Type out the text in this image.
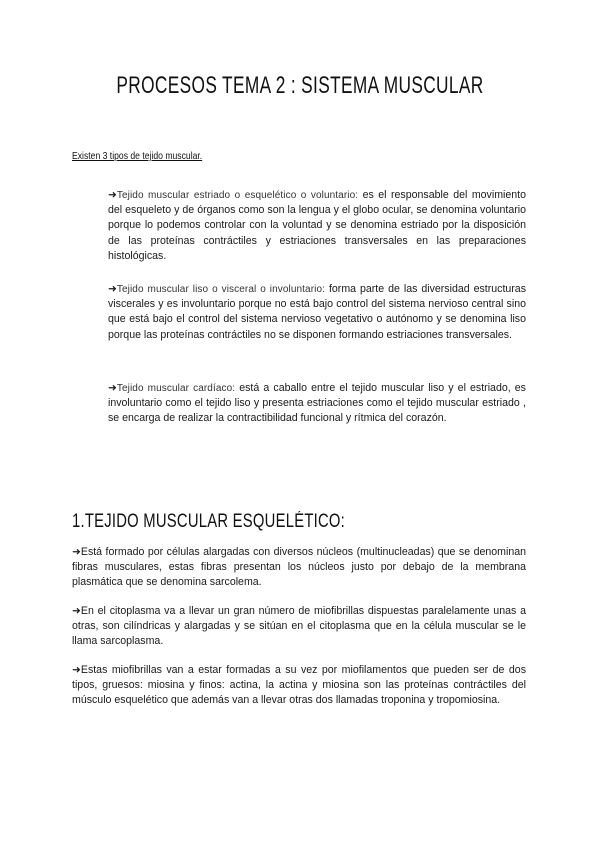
PROCESOS TEMA 2 : SISTEMA MUSCULAR
Existen 3 tipos de tejido muscular.

➜Tejido muscular estriado o esquelético o voluntario: es el responsable del movimiento del esqueleto y de órganos como son la lengua y el globo ocular, se denomina voluntario porque lo podemos controlar con la voluntad y se denomina estriado por la disposición de las proteínas contráctiles y estriaciones transversales en las preparaciones histológicas.

➜Tejido muscular liso o visceral o involuntario: forma parte de las diversidad estructuras viscerales y es involuntario porque no está bajo control del sistema nervioso central sino que está bajo el control del sistema nervioso vegetativo o autónomo y se denomina liso porque las proteínas contráctiles no se disponen formando estriaciones transversales.

➜Tejido muscular cardíaco: está a caballo entre el tejido muscular liso y el estriado, es involuntario como el tejido liso y presenta estriaciones como el tejido muscular estriado , se encarga de realizar la contractibilidad funcional y rítmica del corazón.

1.TEJIDO MUSCULAR ESQUELÉTICO:

➜Está formado por células alargadas con diversos núcleos (multinucleadas) que se denominan fibras musculares, estas fibras presentan los núcleos justo por debajo de la membrana plasmática que se denomina sarcolema.

➜En el citoplasma va a llevar un gran número de miofibrillas dispuestas paralelamente unas a otras, son cilíndricas y alargadas y se sitúan en el citoplasma que en la célula muscular se le llama sarcoplasma.

➜Estas miofibrillas van a estar formadas a su vez por miofilamentos que pueden ser de dos tipos, gruesos: miosina y finos: actina, la actina y miosina son las proteínas contráctiles del músculo esquelético que además van a llevar otras dos llamadas troponina y tropomiosina.
